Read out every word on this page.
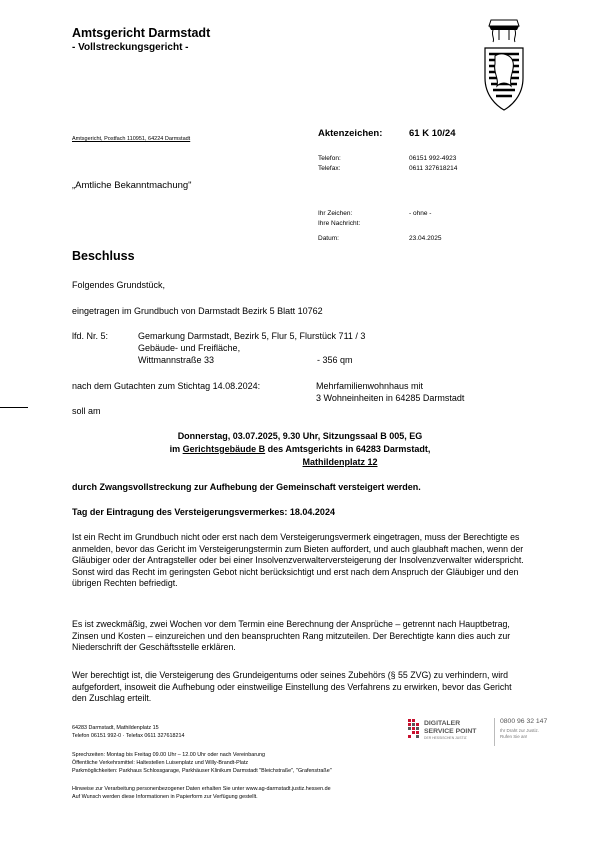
Amtsgericht Darmstadt
- Vollstreckungsgericht -
Amtsgericht, Postfach 110951, 64224 Darmstadt	Aktenzeichen:	61 K 10/24
Telefon:	06151 992-4923
Telefax:	0611 327618214
„Amtliche Bekanntmachung"
Ihr Zeichen:	- ohne -
Ihre Nachricht:
Datum:	23.04.2025
Beschluss
Folgendes Grundstück,
eingetragen im Grundbuch von Darmstadt Bezirk 5 Blatt 10762
lfd. Nr. 5:	Gemarkung Darmstadt, Bezirk 5, Flur 5, Flurstück 711 / 3
Gebäude- und Freifläche,
Wittmannstraße 33	- 356 qm
nach dem Gutachten zum Stichtag 14.08.2024:	Mehrfamilienwohnhaus mit
3 Wohneinheiten in 64285 Darmstadt
soll am
Donnerstag, 03.07.2025, 9.30 Uhr, Sitzungssaal B 005, EG
im Gerichtsgebäude B des Amtsgerichts in 64283 Darmstadt,
Mathildenplatz 12
durch Zwangsvollstreckung zur Aufhebung der Gemeinschaft versteigert werden.
Tag der Eintragung des Versteigerungsvermerkes: 18.04.2024
Ist ein Recht im Grundbuch nicht oder erst nach dem Versteigerungsvermerk eingetragen, muss der Berechtigte es anmelden, bevor das Gericht im Versteigerungstermin zum Bieten auffordert, und auch glaubhaft machen, wenn der Gläubiger oder der Antragsteller oder bei einer Insolvenzverwalterversteigerung der Insolvenzverwalter widerspricht. Sonst wird das Recht im geringsten Gebot nicht berücksichtigt und erst nach dem Anspruch der Gläubiger und den übrigen Rechten befriedigt.
Es ist zweckmäßig, zwei Wochen vor dem Termin eine Berechnung der Ansprüche – getrennt nach Hauptbetrag, Zinsen und Kosten – einzureichen und den beanspruchten Rang mitzuteilen. Der Berechtigte kann dies auch zur Niederschrift der Geschäftsstelle erklären.
Wer berechtigt ist, die Versteigerung des Grundeigentums oder seines Zubehörs (§ 55 ZVG) zu verhindern, wird aufgefordert, insoweit die Aufhebung oder einstweilige Einstellung des Verfahrens zu erwirken, bevor das Gericht den Zuschlag erteilt.
64283 Darmstadt, Mathildenplatz 15
Telefon 06151 992-0 · Telefax 0611 327618214
DIGITALER
SERVICE POINT
DER HESSISCHEN JUSTIZ
0800 96 32 147
Ihr Draht zur Justiz.
Rufen Sie an!
Sprechzeiten: Montag bis Freitag 09.00 Uhr – 12.00 Uhr oder nach Vereinbarung
Öffentliche Verkehrsmittel: Haltestellen Luisenplatz und Willy-Brandt-Platz
Parkmöglichkeiten: Parkhaus Schlossgarage, Parkhäuser Klinikum Darmstadt "Bleichstraße", "Grafenstraße"
Hinweise zur Verarbeitung personenbezogener Daten erhalten Sie unter www.ag-darmstadt.justiz.hessen.de
Auf Wunsch werden diese Informationen in Papierform zur Verfügung gestellt.
